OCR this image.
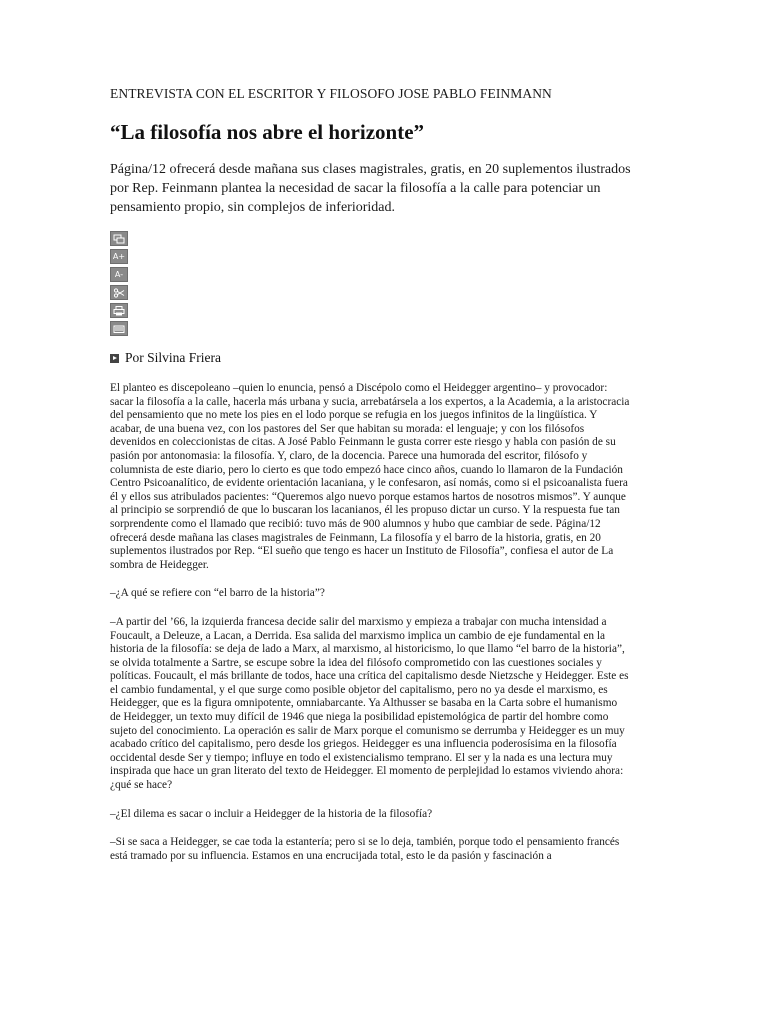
ENTREVISTA CON EL ESCRITOR Y FILOSOFO JOSE PABLO FEINMANN
“La filosofía nos abre el horizonte”
Página/12 ofrecerá desde mañana sus clases magistrales, gratis, en 20 suplementos ilustrados por Rep. Feinmann plantea la necesidad de sacar la filosofía a la calle para potenciar un pensamiento propio, sin complejos de inferioridad.
A+
A-
Por Silvina Friera

El planteo es discepoleano –quien lo enuncia, pensó a Discépolo como el Heidegger argentino– y provocador: sacar la filosofía a la calle, hacerla más urbana y sucia, arrebatársela a los expertos, a la Academia, a la aristocracia del pensamiento que no mete los pies en el lodo porque se refugia en los juegos infinitos de la lingüística. Y acabar, de una buena vez, con los pastores del Ser que habitan su morada: el lenguaje; y con los filósofos devenidos en coleccionistas de citas. A José Pablo Feinmann le gusta correr este riesgo y habla con pasión de su pasión por antonomasia: la filosofía. Y, claro, de la docencia. Parece una humorada del escritor, filósofo y columnista de este diario, pero lo cierto es que todo empezó hace cinco años, cuando lo llamaron de la Fundación Centro Psicoanalítico, de evidente orientación lacaniana, y le confesaron, así nomás, como si el psicoanalista fuera él y ellos sus atribulados pacientes: “Queremos algo nuevo porque estamos hartos de nosotros mismos”. Y aunque al principio se sorprendió de que lo buscaran los lacanianos, él les propuso dictar un curso. Y la respuesta fue tan sorprendente como el llamado que recibió: tuvo más de 900 alumnos y hubo que cambiar de sede. Página/12 ofrecerá desde mañana las clases magistrales de Feinmann, La filosofía y el barro de la historia, gratis, en 20 suplementos ilustrados por Rep. “El sueño que tengo es hacer un Instituto de Filosofía”, confiesa el autor de La sombra de Heidegger.

–¿A qué se refiere con “el barro de la historia”?

–A partir del ’66, la izquierda francesa decide salir del marxismo y empieza a trabajar con mucha intensidad a Foucault, a Deleuze, a Lacan, a Derrida. Esa salida del marxismo implica un cambio de eje fundamental en la historia de la filosofía: se deja de lado a Marx, al marxismo, al historicismo, lo que llamo “el barro de la historia”, se olvida totalmente a Sartre, se escupe sobre la idea del filósofo comprometido con las cuestiones sociales y políticas. Foucault, el más brillante de todos, hace una crítica del capitalismo desde Nietzsche y Heidegger. Este es el cambio fundamental, y el que surge como posible objetor del capitalismo, pero no ya desde el marxismo, es Heidegger, que es la figura omnipotente, omniabarcante. Ya Althusser se basaba en la Carta sobre el humanismo de Heidegger, un texto muy difícil de 1946 que niega la posibilidad epistemológica de partir del hombre como sujeto del conocimiento. La operación es salir de Marx porque el comunismo se derrumba y Heidegger es un muy acabado crítico del capitalismo, pero desde los griegos. Heidegger es una influencia poderosísima en la filosofía occidental desde Ser y tiempo; influye en todo el existencialismo temprano. El ser y la nada es una lectura muy inspirada que hace un gran literato del texto de Heidegger. El momento de perplejidad lo estamos viviendo ahora: ¿qué se hace?

–¿El dilema es sacar o incluir a Heidegger de la historia de la filosofía?

–Si se saca a Heidegger, se cae toda la estantería; pero si se lo deja, también, porque todo el pensamiento francés está tramado por su influencia. Estamos en una encrucijada total, esto le da pasión y fascinación a
